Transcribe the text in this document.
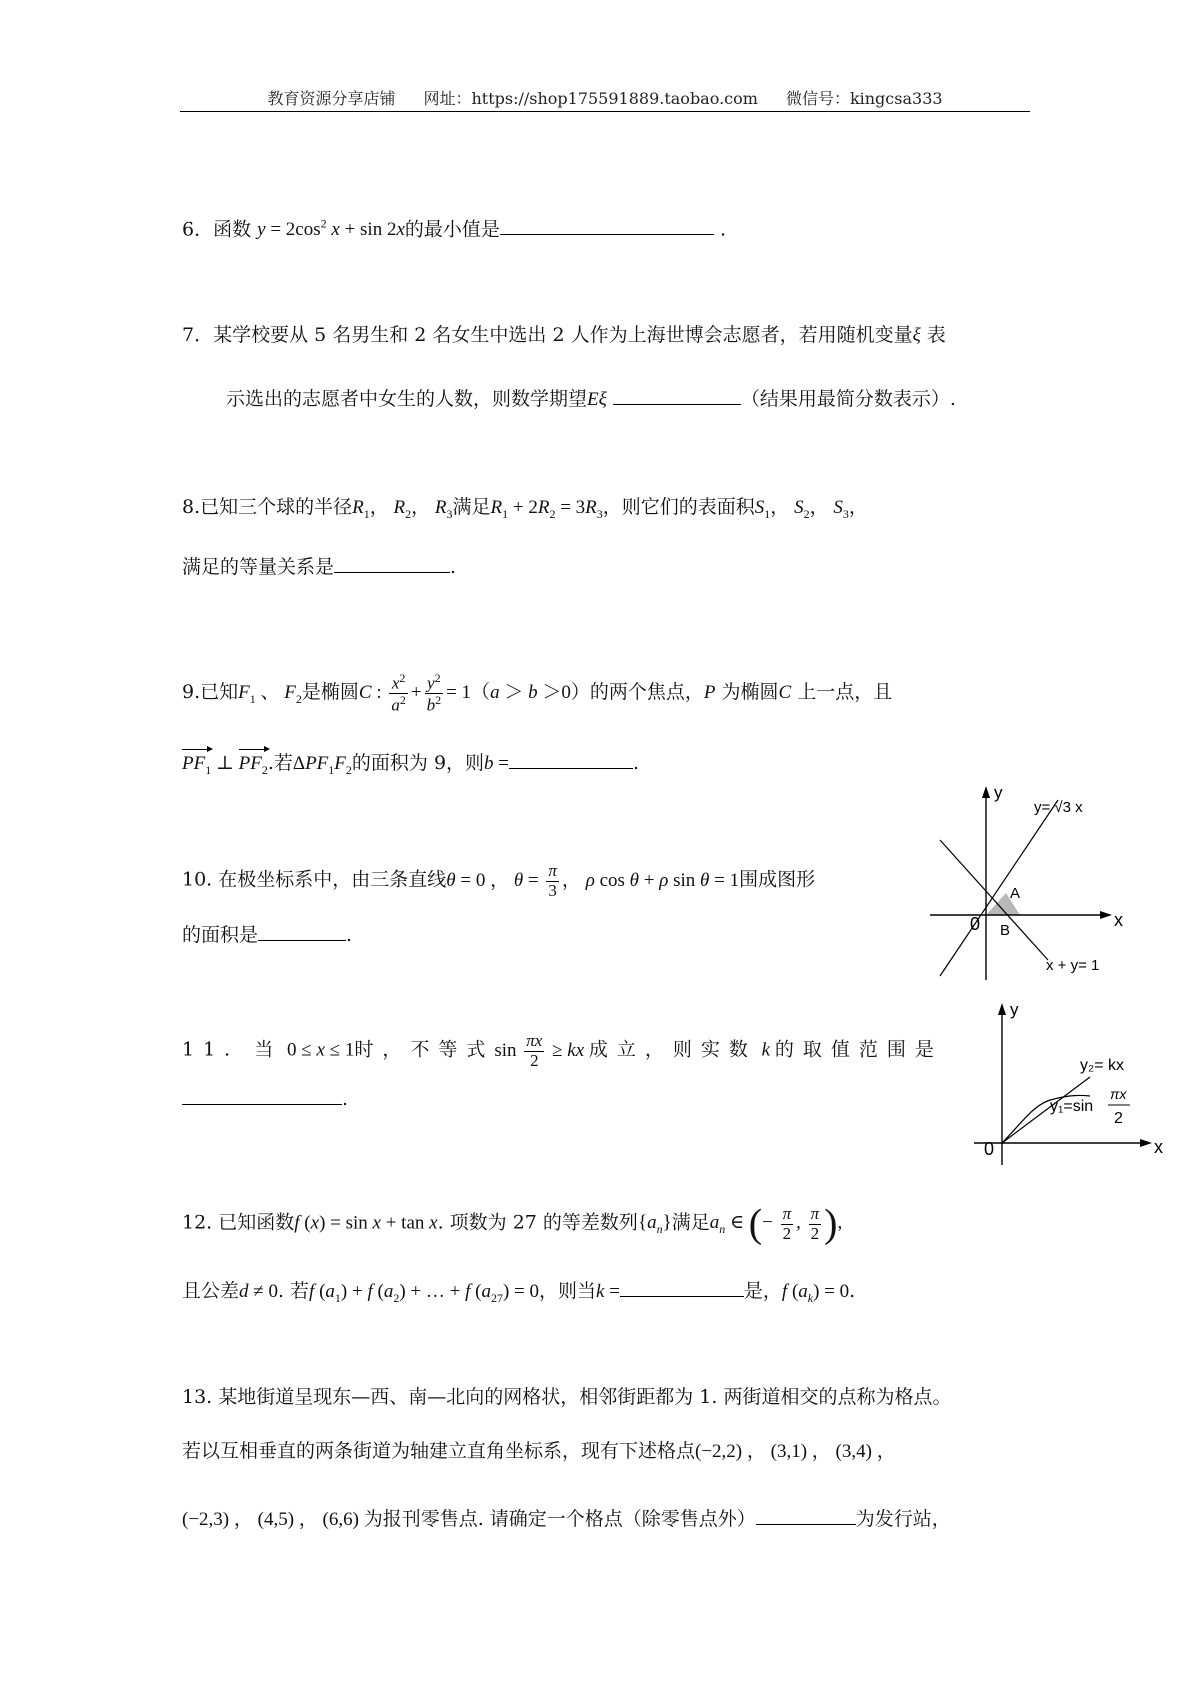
教育资源分享店铺 网址：https://shop175591889.taobao.com 微信号：kingcsa333
6．函数 $y = 2\cos^2$ x + sin 2x的最小值是	.
7．某学校要从 5 名男生和 2 名女生中选出 2 人作为上海世博会志愿者，若用随机变量ξ 表
示选出的志愿者中女生的人数，则数学期望Eξ	（结果用最简分数表示）.
8.已知三个球的半径$R_1$， $R_2$， $R_3$满足$R_1 + 2R_2 = 3R_3$，则它们的表面积$S_1$， $S_2$， $S_3$，
满足的等量关系是	.
9.已知$F_1$ 、 $F_2$是椭圆C : $\frac{x^2}{a^2} + \frac{y^2}{b^2} = 1(a > b >0)$的两个焦点，P 为椭圆C 上一点，且
$PF_1$ ⊥ $PF_2$.若$\Delta PF_1F_2$的面积为 9，则b =	.
10. 在极坐标系中，由三条直线θ = 0 ， $\theta = \frac{\pi}{3}$ ， ρ cos θ + ρ sin θ = 1围成图形
的面积是	.
y
0	x
A
B
y= √3 x
x + y= 1
11. 当 0 ≤ x ≤ 1时，不等式$\sin \frac{\pi x}{2}$ ≥ kx 成立，则实数 k 的取值范围是
.
y
0	x
y₂= kx
y₁=sin
πx
2
12. 已知函数f (x) = sin x + tan x. 项数为 27 的等差数列$\{a_n\}$满足$a_n$ ∈ (− $\frac{\pi}{2}$ , $\frac{\pi}{2}$ ),
且公差d ≠ 0. 若f $(a_1) + f$ $(a_2)$ + … + f $(a_{27}) = 0$，则当k =	是，f $(a_k) = 0$.
13. 某地街道呈现东—西、南—北向的网格状，相邻街距都为 1. 两街道相交的点称为格点。
若以互相垂直的两条街道为轴建立直角坐标系，现有下述格点(−2,2) ， (3,1) ， (3,4) ，
(−2,3) ， (4,5) ， (6,6) 为报刊零售点. 请确定一个格点（除零售点外）	为发行站，
